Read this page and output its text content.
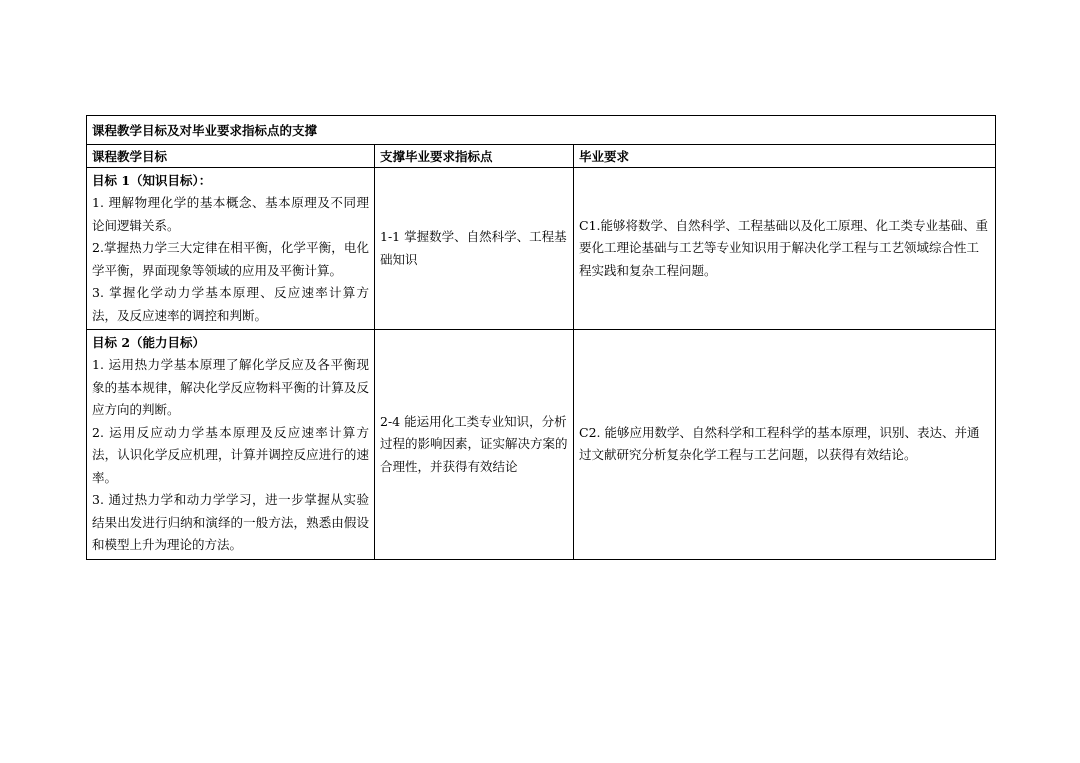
课程教学目标及对毕业要求指标点的支撑		
课程教学目标	支撑毕业要求指标点	毕业要求

目标 1（知识目标）：
1. 理解物理化学的基本概念、基本原理及不同理论间逻辑关系。
2.掌握热力学三大定律在相平衡，化学平衡，电化学平衡，界面现象等领域的应用及平衡计算。
3. 掌握化学动力学基本原理、反应速率计算方法，及反应速率的调控和判断。	1-1 掌握数学、自然科学、工程基础知识	C1.能够将数学、自然科学、工程基础以及化工原理、化工类专业基础、重要化工理论基础与工艺等专业知识用于解决化学工程与工艺领域综合性工程实践和复杂工程问题。

目标 2（能力目标）
1. 运用热力学基本原理了解化学反应及各平衡现象的基本规律，解决化学反应物料平衡的计算及反应方向的判断。
2. 运用反应动力学基本原理及反应速率计算方法，认识化学反应机理，计算并调控反应进行的速率。
3. 通过热力学和动力学学习，进一步掌握从实验结果出发进行归纳和演绎的一般方法，熟悉由假设和模型上升为理论的方法。	2-4 能运用化工类专业知识，分析过程的影响因素，证实解决方案的合理性，并获得有效结论	C2. 能够应用数学、自然科学和工程科学的基本原理，识别、表达、并通过文献研究分析复杂化学工程与工艺问题，以获得有效结论。
